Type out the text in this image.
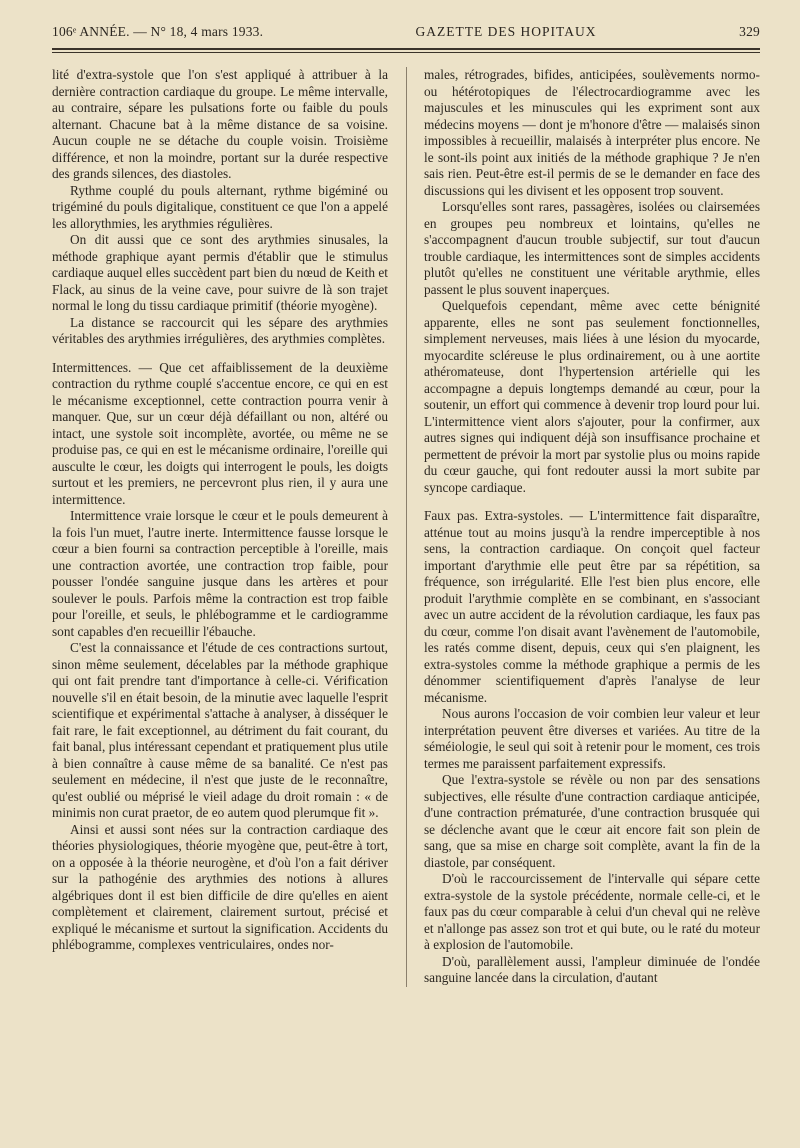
106ᵉ ANNÉE. — N° 18, 4 mars 1933.	GAZETTE DES HOPITAUX	329

lité d'extra-systole que l'on s'est appliqué à attribuer à la dernière contraction cardiaque du groupe. Le même intervalle, au contraire, sépare les pulsations forte ou faible du pouls alternant. Chacune bat à la même distance de sa voisine. Aucun couple ne se détache du couple voisin. Troisième différence, et non la moindre, portant sur la durée respective des grands silences, des diastoles.

Rythme couplé du pouls alternant, rythme bigéminé ou trigéminé du pouls digitalique, constituent ce que l'on a appelé les allorythmies, les arythmies régulières.

On dit aussi que ce sont des arythmies sinusales, la méthode graphique ayant permis d'établir que le stimulus cardiaque auquel elles succèdent part bien du nœud de Keith et Flack, au sinus de la veine cave, pour suivre de là son trajet normal le long du tissu cardiaque primitif (théorie myogène).

La distance se raccourcit qui les sépare des arythmies véritables des arythmies irrégulières, des arythmies complètes.

Intermittences. — Que cet affaiblissement de la deuxième contraction du rythme couplé s'accentue encore, ce qui en est le mécanisme exceptionnel, cette contraction pourra venir à manquer. Que, sur un cœur déjà défaillant ou non, altéré ou intact, une systole soit incomplète, avortée, ou même ne se produise pas, ce qui en est le mécanisme ordinaire, l'oreille qui ausculte le cœur, les doigts qui interrogent le pouls, les doigts surtout et les premiers, ne percevront plus rien, il y aura une intermittence.

Intermittence vraie lorsque le cœur et le pouls demeurent à la fois l'un muet, l'autre inerte. Intermittence fausse lorsque le cœur a bien fourni sa contraction perceptible à l'oreille, mais une contraction avortée, une contraction trop faible, pour pousser l'ondée sanguine jusque dans les artères et pour soulever le pouls. Parfois même la contraction est trop faible pour l'oreille, et seuls, le phlébogramme et le cardiogramme sont capables d'en recueillir l'ébauche.

C'est la connaissance et l'étude de ces contractions surtout, sinon même seulement, décelables par la méthode graphique qui ont fait prendre tant d'importance à celle-ci. Vérification nouvelle s'il en était besoin, de la minutie avec laquelle l'esprit scientifique et expérimental s'attache à analyser, à disséquer le fait rare, le fait exceptionnel, au détriment du fait courant, du fait banal, plus intéressant cependant et pratiquement plus utile à bien connaître à cause même de sa banalité. Ce n'est pas seulement en médecine, il n'est que juste de le reconnaître, qu'est oublié ou méprisé le vieil adage du droit romain : « de minimis non curat praetor, de eo autem quod plerumque fit ».

Ainsi et aussi sont nées sur la contraction cardiaque des théories physiologiques, théorie myogène que, peut-être à tort, on a opposée à la théorie neurogène, et d'où l'on a fait dériver sur la pathogénie des arythmies des notions à allures algébriques dont il est bien difficile de dire qu'elles en aient complètement et clairement, clairement surtout, précisé et expliqué le mécanisme et surtout la signification. Accidents du phlébogramme, complexes ventriculaires, ondes nor-

males, rétrogrades, bifides, anticipées, soulèvements normo- ou hétérotopiques de l'électrocardiogramme avec les majuscules et les minuscules qui les expriment sont aux médecins moyens — dont je m'honore d'être — malaisés sinon impossibles à recueillir, malaisés à interpréter plus encore. Ne le sont-ils point aux initiés de la méthode graphique ? Je n'en sais rien. Peut-être est-il permis de se le demander en face des discussions qui les divisent et les opposent trop souvent.

Lorsqu'elles sont rares, passagères, isolées ou clairsemées en groupes peu nombreux et lointains, qu'elles ne s'accompagnent d'aucun trouble subjectif, sur tout d'aucun trouble cardiaque, les intermittences sont de simples accidents plutôt qu'elles ne constituent une véritable arythmie, elles passent le plus souvent inaperçues.

Quelquefois cependant, même avec cette bénignité apparente, elles ne sont pas seulement fonctionnelles, simplement nerveuses, mais liées à une lésion du myocarde, myocardite scléreuse le plus ordinairement, ou à une aortite athéromateuse, dont l'hypertension artérielle qui les accompagne a depuis longtemps demandé au cœur, pour la soutenir, un effort qui commence à devenir trop lourd pour lui. L'intermittence vient alors s'ajouter, pour la confirmer, aux autres signes qui indiquent déjà son insuffisance prochaine et permettent de prévoir la mort par systolie plus ou moins rapide du cœur gauche, qui font redouter aussi la mort subite par syncope cardiaque.

Faux pas. Extra-systoles. — L'intermittence fait disparaître, atténue tout au moins jusqu'à la rendre imperceptible à nos sens, la contraction cardiaque. On conçoit quel facteur important d'arythmie elle peut être par sa répétition, sa fréquence, son irrégularité. Elle l'est bien plus encore, elle produit l'arythmie complète en se combinant, en s'associant avec un autre accident de la révolution cardiaque, les faux pas du cœur, comme l'on disait avant l'avènement de l'automobile, les ratés comme disent, depuis, ceux qui s'en plaignent, les extra-systoles comme la méthode graphique a permis de les dénommer scientifiquement d'après l'analyse de leur mécanisme.

Nous aurons l'occasion de voir combien leur valeur et leur interprétation peuvent être diverses et variées. Au titre de la séméiologie, le seul qui soit à retenir pour le moment, ces trois termes me paraissent parfaitement expressifs.

Que l'extra-systole se révèle ou non par des sensations subjectives, elle résulte d'une contraction cardiaque anticipée, d'une contraction prématurée, d'une contraction brusquée qui se déclenche avant que le cœur ait encore fait son plein de sang, que sa mise en charge soit complète, avant la fin de la diastole, par conséquent.

D'où le raccourcissement de l'intervalle qui sépare cette extra-systole de la systole précédente, normale celle-ci, et le faux pas du cœur comparable à celui d'un cheval qui ne relève et n'allonge pas assez son trot et qui bute, ou le raté du moteur à explosion de l'automobile.

D'où, parallèlement aussi, l'ampleur diminuée de l'ondée sanguine lancée dans la circulation, d'autant
